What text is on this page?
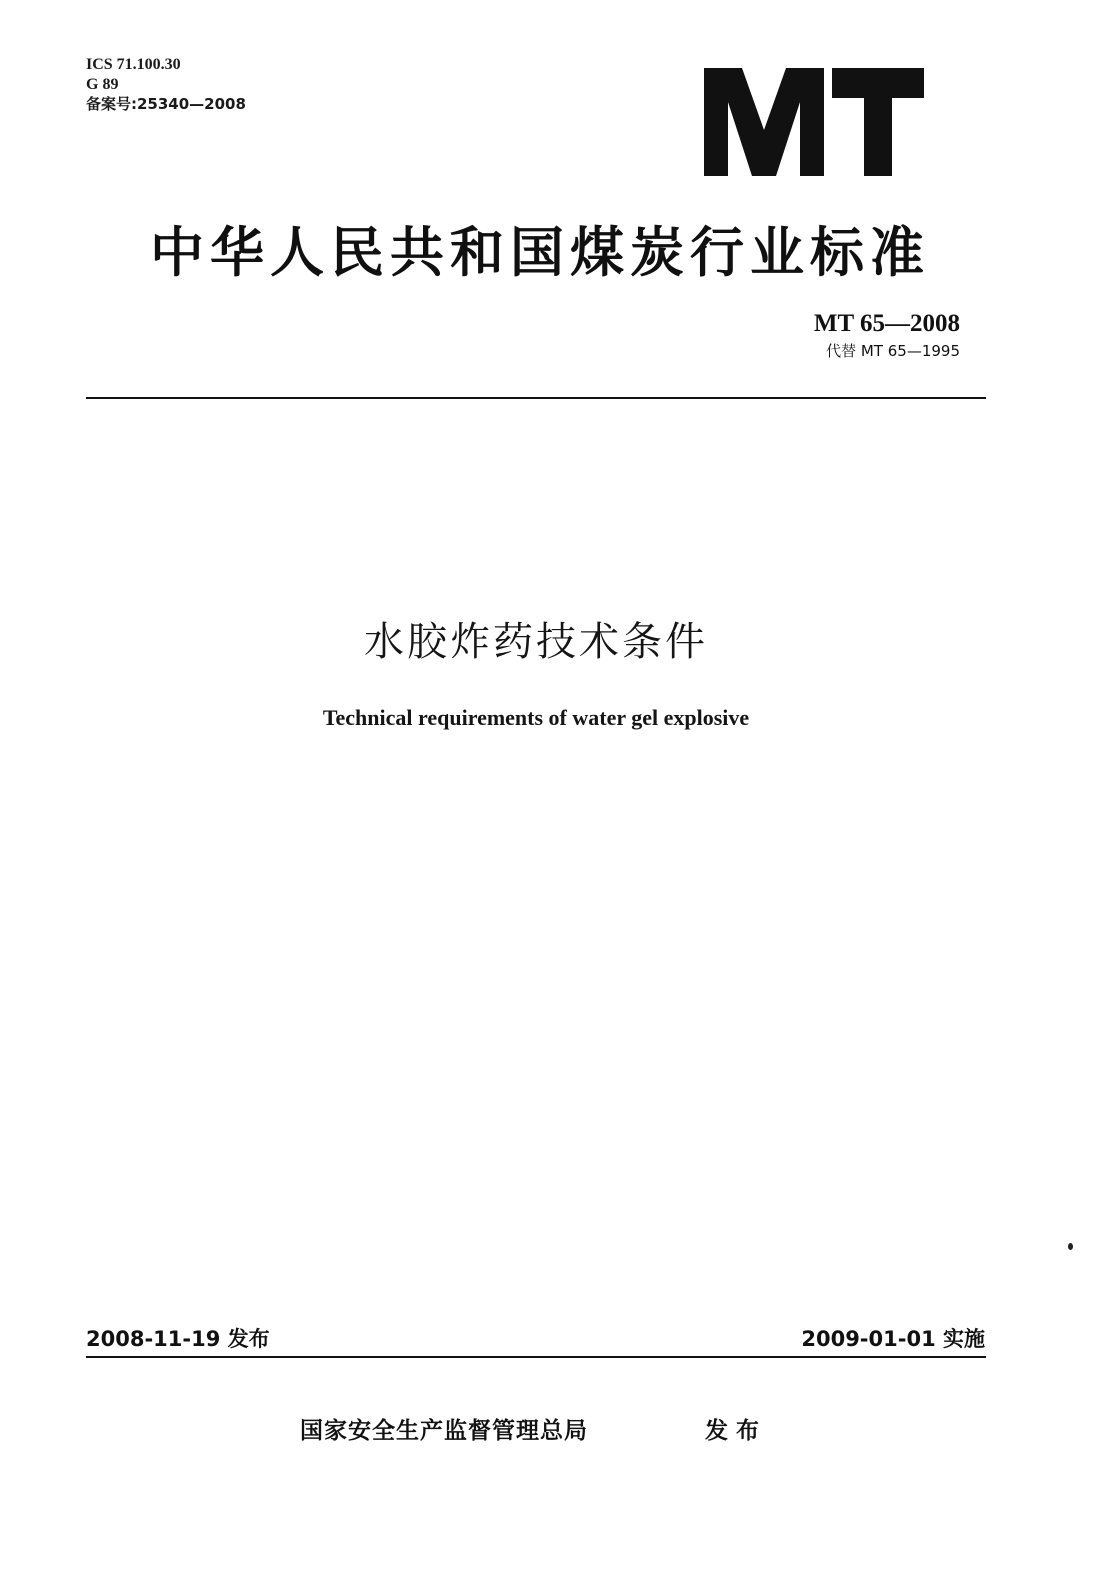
ICS 71.100.30
G 89
备案号:25340—2008
中华人民共和国煤炭行业标准
MT 65—2008
代替 MT 65—1995
水胶炸药技术条件
Technical requirements of water gel explosive
2008-11-19 发布	2009-01-01 实施
国家安全生产监督管理总局	发布
